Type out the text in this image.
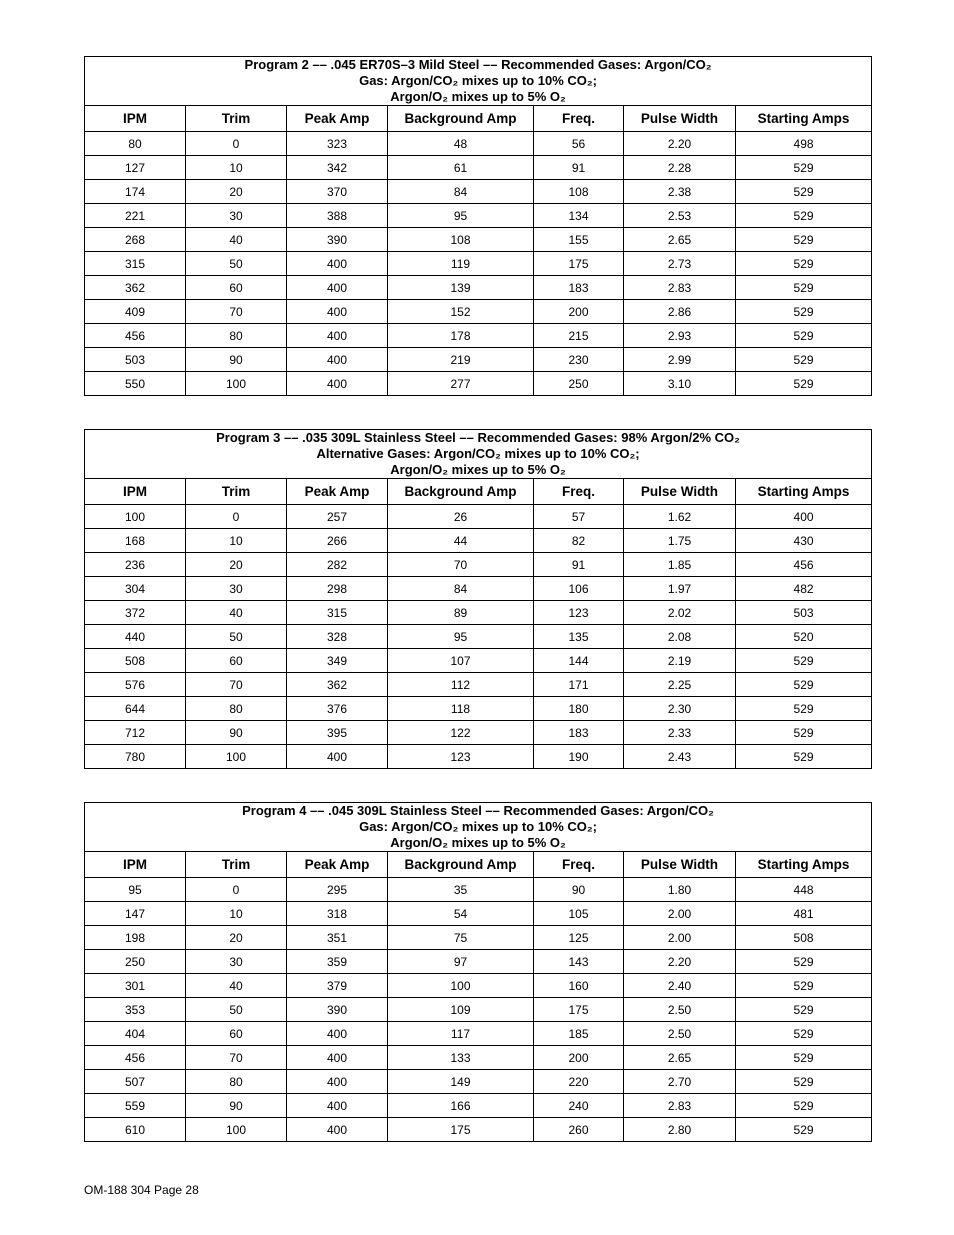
Program 2 –– .045 ER70S–3 Mild Steel –– Recommended Gases: Argon/CO₂
Gas: Argon/CO₂ mixes up to 10% CO₂;
Argon/O₂ mixes up to 5% O₂						

IPM	Trim	Peak Amp	Background Amp	Freq.	Pulse Width	Starting Amps
80	0	323	48	56	2.20	498
127	10	342	61	91	2.28	529
174	20	370	84	108	2.38	529
221	30	388	95	134	2.53	529
268	40	390	108	155	2.65	529
315	50	400	119	175	2.73	529
362	60	400	139	183	2.83	529
409	70	400	152	200	2.86	529
456	80	400	178	215	2.93	529
503	90	400	219	230	2.99	529
550	100	400	277	250	3.10	529
Program 3 –– .035 309L Stainless Steel –– Recommended Gases: 98% Argon/2% CO₂
Alternative Gases: Argon/CO₂ mixes up to 10% CO₂;
Argon/O₂ mixes up to 5% O₂						

IPM	Trim	Peak Amp	Background Amp	Freq.	Pulse Width	Starting Amps
100	0	257	26	57	1.62	400
168	10	266	44	82	1.75	430
236	20	282	70	91	1.85	456
304	30	298	84	106	1.97	482
372	40	315	89	123	2.02	503
440	50	328	95	135	2.08	520
508	60	349	107	144	2.19	529
576	70	362	112	171	2.25	529
644	80	376	118	180	2.30	529
712	90	395	122	183	2.33	529
780	100	400	123	190	2.43	529
Program 4 –– .045 309L Stainless Steel –– Recommended Gases: Argon/CO₂
Gas: Argon/CO₂ mixes up to 10% CO₂;
Argon/O₂ mixes up to 5% O₂						

IPM	Trim	Peak Amp	Background Amp	Freq.	Pulse Width	Starting Amps
95	0	295	35	90	1.80	448
147	10	318	54	105	2.00	481
198	20	351	75	125	2.00	508
250	30	359	97	143	2.20	529
301	40	379	100	160	2.40	529
353	50	390	109	175	2.50	529
404	60	400	117	185	2.50	529
456	70	400	133	200	2.65	529
507	80	400	149	220	2.70	529
559	90	400	166	240	2.83	529
610	100	400	175	260	2.80	529
OM-188 304 Page 28
